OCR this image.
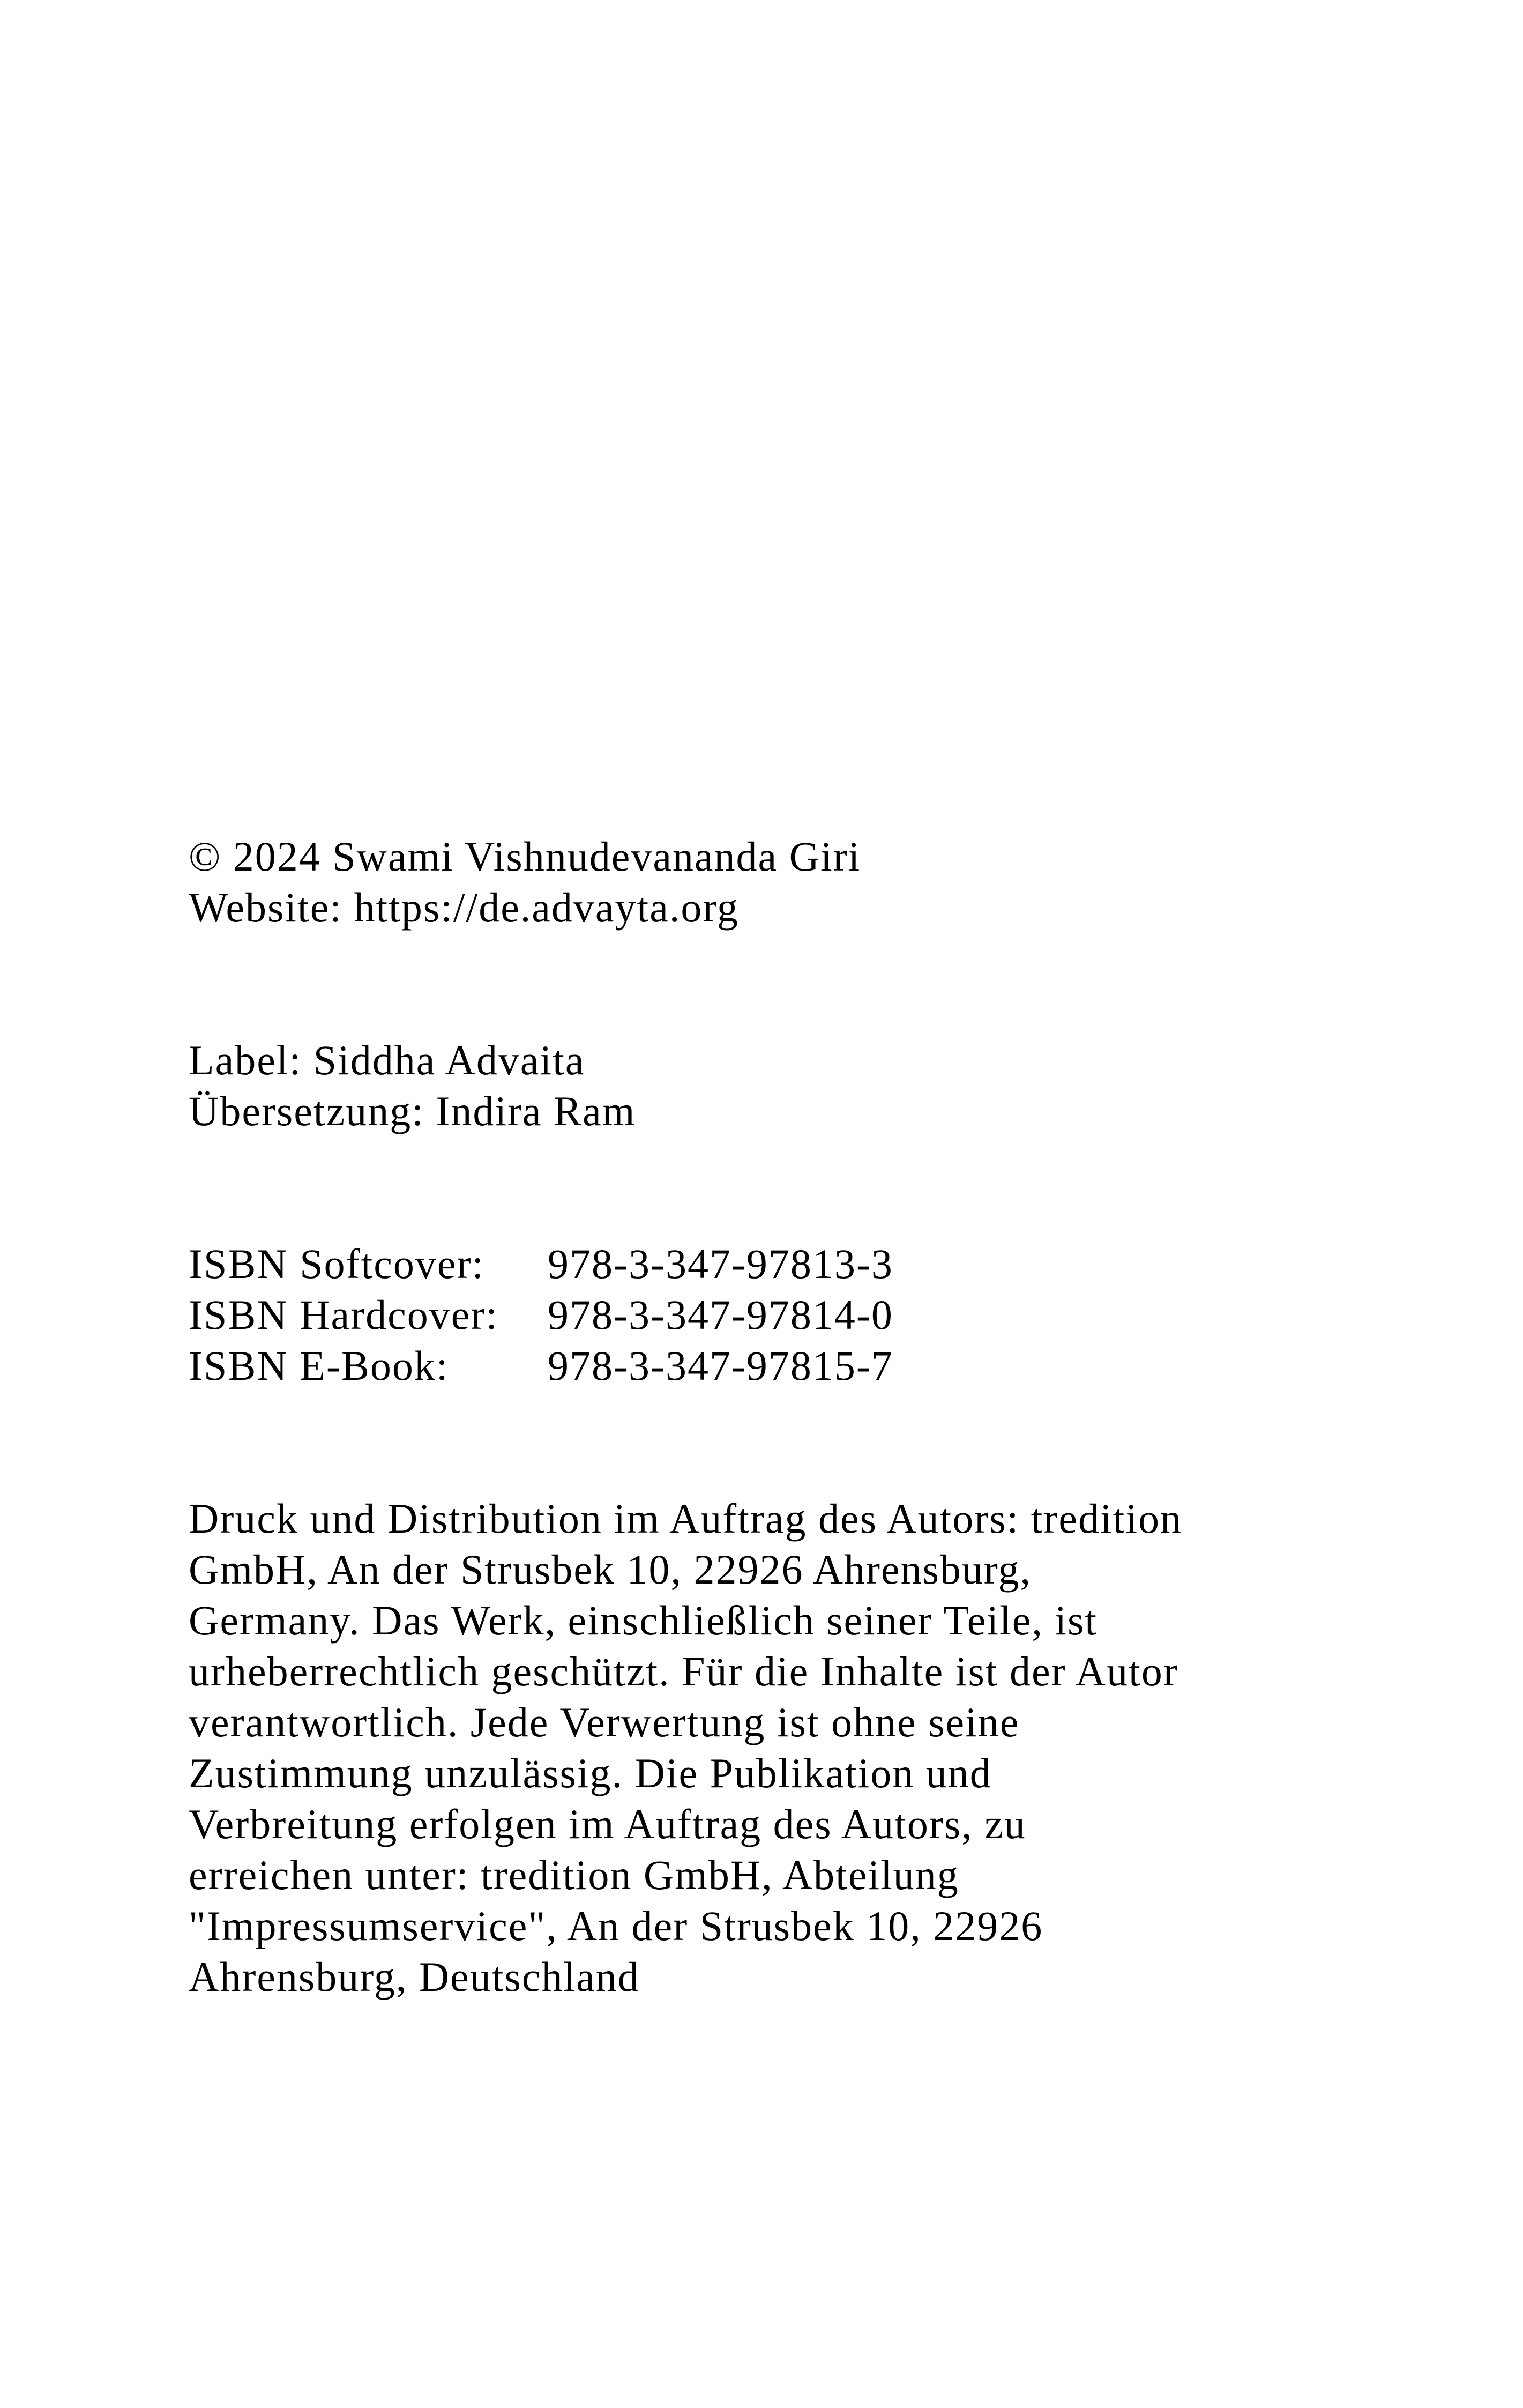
© 2024 Swami Vishnudevananda Giri
Website: https://de.advayta.org
Label: Siddha Advaita
Übersetzung: Indira Ram
ISBN Softcover:	978-3-347-97813-3
ISBN Hardcover:	978-3-347-97814-0
ISBN E-Book:	978-3-347-97815-7
Druck und Distribution im Auftrag des Autors: tredition
GmbH, An der Strusbek 10, 22926 Ahrensburg,
Germany. Das Werk, einschließlich seiner Teile, ist
urheberrechtlich geschützt. Für die Inhalte ist der Autor
verantwortlich. Jede Verwertung ist ohne seine
Zustimmung unzulässig. Die Publikation und
Verbreitung erfolgen im Auftrag des Autors, zu
erreichen unter: tredition GmbH, Abteilung
"Impressumservice", An der Strusbek 10, 22926
Ahrensburg, Deutschland
